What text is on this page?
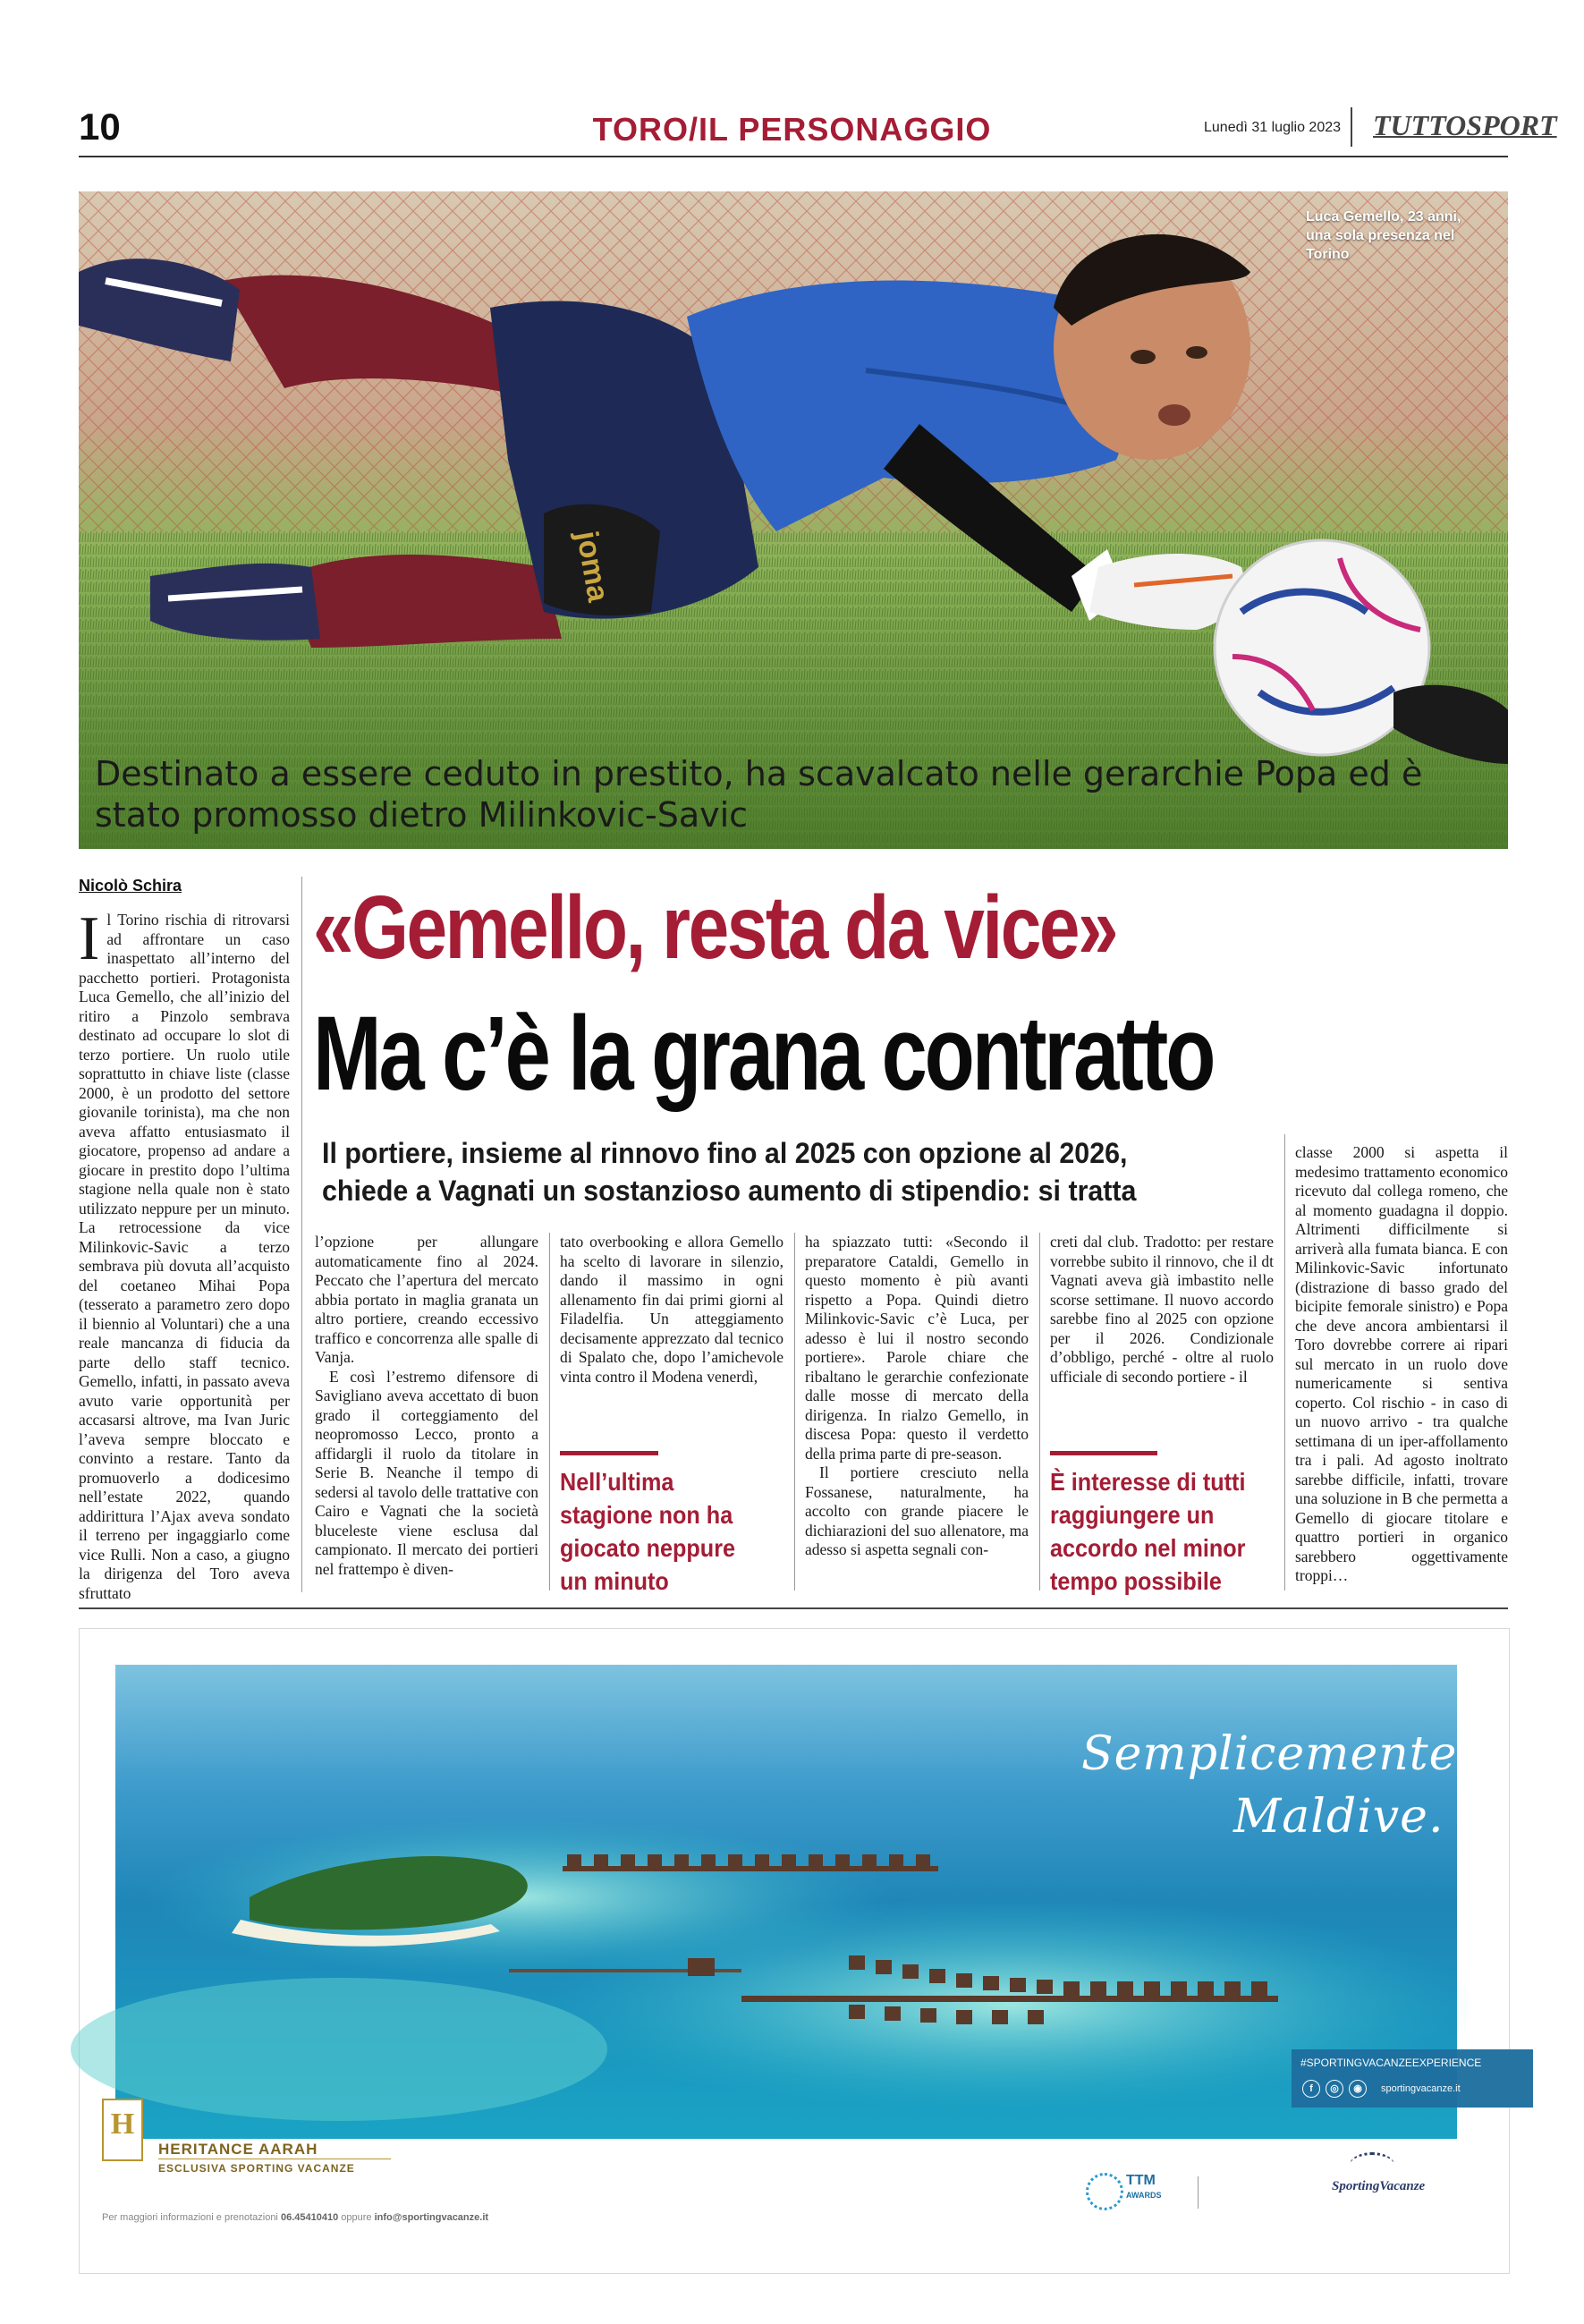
10	TORO/IL PERSONAGGIO	Lunedì 31 luglio 2023 TUTTOSPORT
joma
Luca Gemello, 23 anni, una sola presenza nel Torino
Destinato a essere ceduto in prestito, ha scavalcato nelle gerarchie Popa ed è stato promosso dietro Milinkovic-Savic
Nicolò Schira «Gemello, resta da vice»
Ma c’è la grana contratto
Il portiere, insieme al rinnovo fino al 2025 con opzione al 2026, chiede a Vagnati un sostanzioso aumento di stipendio: si tratta

Il Torino rischia di ritrovarsi ad affrontare un caso inaspettato all’interno del pacchetto portieri. Protagonista Luca Gemello, che all’inizio del ritiro a Pinzolo sembrava destinato ad occupare lo slot di terzo portiere. Un ruolo utile soprattutto in chiave liste (classe 2000, è un prodotto del settore giovanile torinista), ma che non aveva affatto entusiasmato il giocatore, propenso ad andare a giocare in prestito dopo l’ultima stagione nella quale non è stato utilizzato neppure per un minuto. La retrocessione da vice Milinkovic-Savic a terzo sembrava più dovuta all’acquisto del coetaneo Mihai Popa (tesserato a parametro zero dopo il biennio al Voluntari) che a una reale mancanza di fiducia da parte dello staff tecnico. Gemello, infatti, in passato aveva avuto varie opportunità per accasarsi altrove, ma Ivan Juric l’aveva sempre bloccato e convinto a restare. Tanto da promuoverlo a dodicesimo nell’estate 2022, quando addirittura l’Ajax aveva sondato il terreno per ingaggiarlo come vice Rulli. Non a caso, a giugno la dirigenza del Toro aveva sfruttato

l’opzione per allungare automaticamente fino al 2024. Peccato che l’apertura del mercato abbia portato in maglia granata un altro portiere, creando eccessivo traffico e concorrenza alle spalle di Vanja.

E così l’estremo difensore di Savigliano aveva accettato di buon grado il corteggiamento del neopromosso Lecco, pronto a affidargli il ruolo da titolare in Serie B. Neanche il tempo di sedersi al tavolo delle trattative con Cairo e Vagnati che la società bluceleste viene esclusa dal campionato. Il mercato dei portieri nel frattempo è diven-

tato overbooking e allora Gemello ha scelto di lavorare in silenzio, dando il massimo in ogni allenamento fin dai primi giorni al Filadelfia. Un atteggiamento decisamente apprezzato dal tecnico di Spalato che, dopo l’amichevole vinta contro il Modena venerdì,

Nell’ultima stagione non ha giocato neppure un minuto

ha spiazzato tutti: «Secondo il preparatore Cataldi, Gemello in questo momento è più avanti rispetto a Popa. Quindi dietro Milinkovic-Savic c’è Luca, per adesso è lui il nostro secondo portiere». Parole chiare che ribaltano le gerarchie confezionate dalle mosse di mercato della dirigenza. In rialzo Gemello, in discesa Popa: questo il verdetto della prima parte di pre-season.

Il portiere cresciuto nella Fossanese, naturalmente, ha accolto con grande piacere le dichiarazioni del suo allenatore, ma adesso si aspetta segnali con-

creti dal club. Tradotto: per restare vorrebbe subito il rinnovo, che il dt Vagnati aveva già imbastito nelle scorse settimane. Il nuovo accordo sarebbe fino al 2025 con opzione per il 2026. Condizionale d’obbligo, perché - oltre al ruolo ufficiale di secondo portiere - il

È interesse di tutti raggiungere un accordo nel minor tempo possibile

classe 2000 si aspetta il medesimo trattamento economico ricevuto dal collega romeno, che al momento guadagna il doppio. Altrimenti difficilmente si arriverà alla fumata bianca. E con Milinkovic-Savic infortunato (distrazione di basso grado del bicipite femorale sinistro) e Popa che deve ancora ambientarsi il Toro dovrebbe correre ai ripari sul mercato in un ruolo dove numericamente si sentiva coperto. Col rischio - in caso di un nuovo arrivo - tra qualche settimana di un iper-affollamento tra i pali. Ad agosto inoltrato sarebbe difficile, infatti, trovare una soluzione in B che permetta a Gemello di giocare titolare e quattro portieri in organico sarebbero oggettivamente troppi…

Semplicemente
Maldive.
#SPORTINGVACANZEEXPERIENCE
f	◎	◉	sportingvacanze.it
H
HERITANCE AARAH
ESCLUSIVA SPORTING VACANZE
Per maggiori informazioni e prenotazioni 06.45410410 oppure info@sportingvacanze.it
TTM
AWARDS
SportingVacanze
